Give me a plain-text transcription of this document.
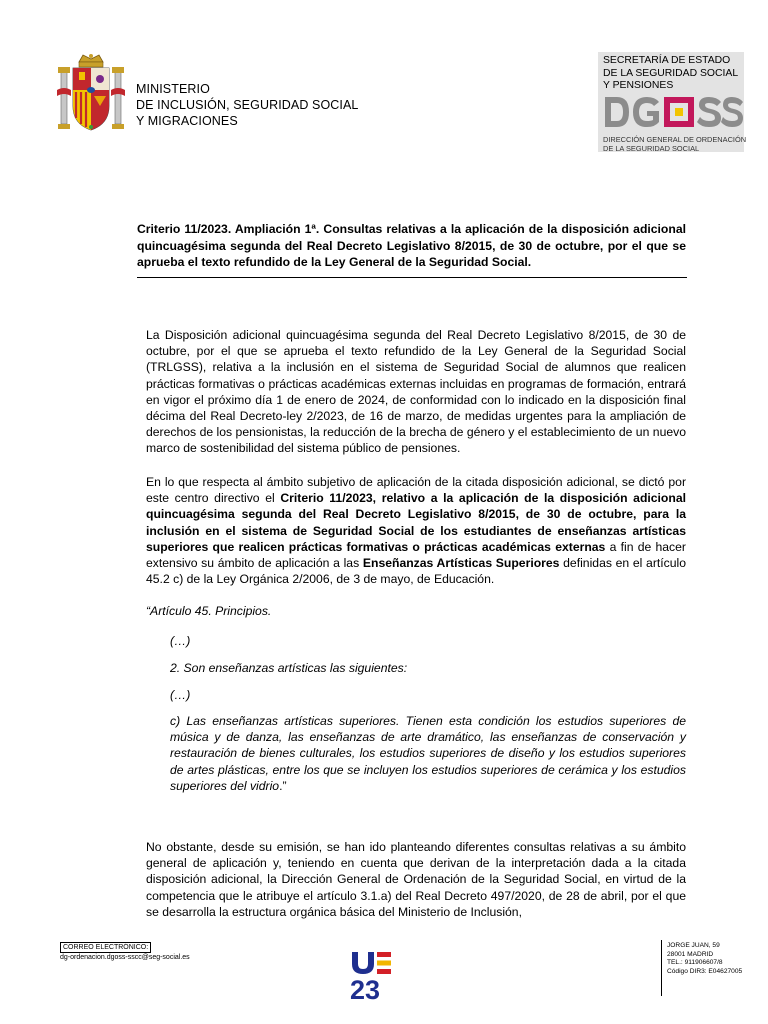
MINISTERIO
DE INCLUSIÓN, SEGURIDAD SOCIAL
Y MIGRACIONES
SECRETARÍA DE ESTADO
DE LA SEGURIDAD SOCIAL
Y PENSIONES
DIRECCIÓN GENERAL DE ORDENACIÓN
DE LA SEGURIDAD SOCIAL
Criterio 11/2023. Ampliación 1ª. Consultas relativas a la aplicación de la disposición adicional quincuagésima segunda del Real Decreto Legislativo 8/2015, de 30 de octubre, por el que se aprueba el texto refundido de la Ley General de la Seguridad Social.
La Disposición adicional quincuagésima segunda del Real Decreto Legislativo 8/2015, de 30 de octubre, por el que se aprueba el texto refundido de la Ley General de la Seguridad Social (TRLGSS), relativa a la inclusión en el sistema de Seguridad Social de alumnos que realicen prácticas formativas o prácticas académicas externas incluidas en programas de formación, entrará en vigor el próximo día 1 de enero de 2024, de conformidad con lo indicado en la disposición final décima del Real Decreto-ley 2/2023, de 16 de marzo, de medidas urgentes para la ampliación de derechos de los pensionistas, la reducción de la brecha de género y el establecimiento de un nuevo marco de sostenibilidad del sistema público de pensiones.
En lo que respecta al ámbito subjetivo de aplicación de la citada disposición adicional, se dictó por este centro directivo el Criterio 11/2023, relativo a la aplicación de la disposición adicional quincuagésima segunda del Real Decreto Legislativo 8/2015, de 30 de octubre, para la inclusión en el sistema de Seguridad Social de los estudiantes de enseñanzas artísticas superiores que realicen prácticas formativas o prácticas académicas externas a fin de hacer extensivo su ámbito de aplicación a las Enseñanzas Artísticas Superiores definidas en el artículo 45.2 c) de la Ley Orgánica 2/2006, de 3 de mayo, de Educación.
“Artículo 45. Principios.
(…)
2. Son enseñanzas artísticas las siguientes:
(…)
c) Las enseñanzas artísticas superiores. Tienen esta condición los estudios superiores de música y de danza, las enseñanzas de arte dramático, las enseñanzas de conservación y restauración de bienes culturales, los estudios superiores de diseño y los estudios superiores de artes plásticas, entre los que se incluyen los estudios superiores de cerámica y los estudios superiores del vidrio.”
No obstante, desde su emisión, se han ido planteando diferentes consultas relativas a su ámbito general de aplicación y, teniendo en cuenta que derivan de la interpretación dada a la citada disposición adicional, la Dirección General de Ordenación de la Seguridad Social, en virtud de la competencia que le atribuye el artículo 3.1.a) del Real Decreto 497/2020, de 28 de abril, por el que se desarrolla la estructura orgánica básica del Ministerio de Inclusión,
CORREO ELECTRÓNICO:
dg-ordenacion.dgoss-sscc@seg-social.es
23
JORGE JUAN, 59
28001 MADRID
TEL.: 911906607/8
Código DIR3: E04627005
